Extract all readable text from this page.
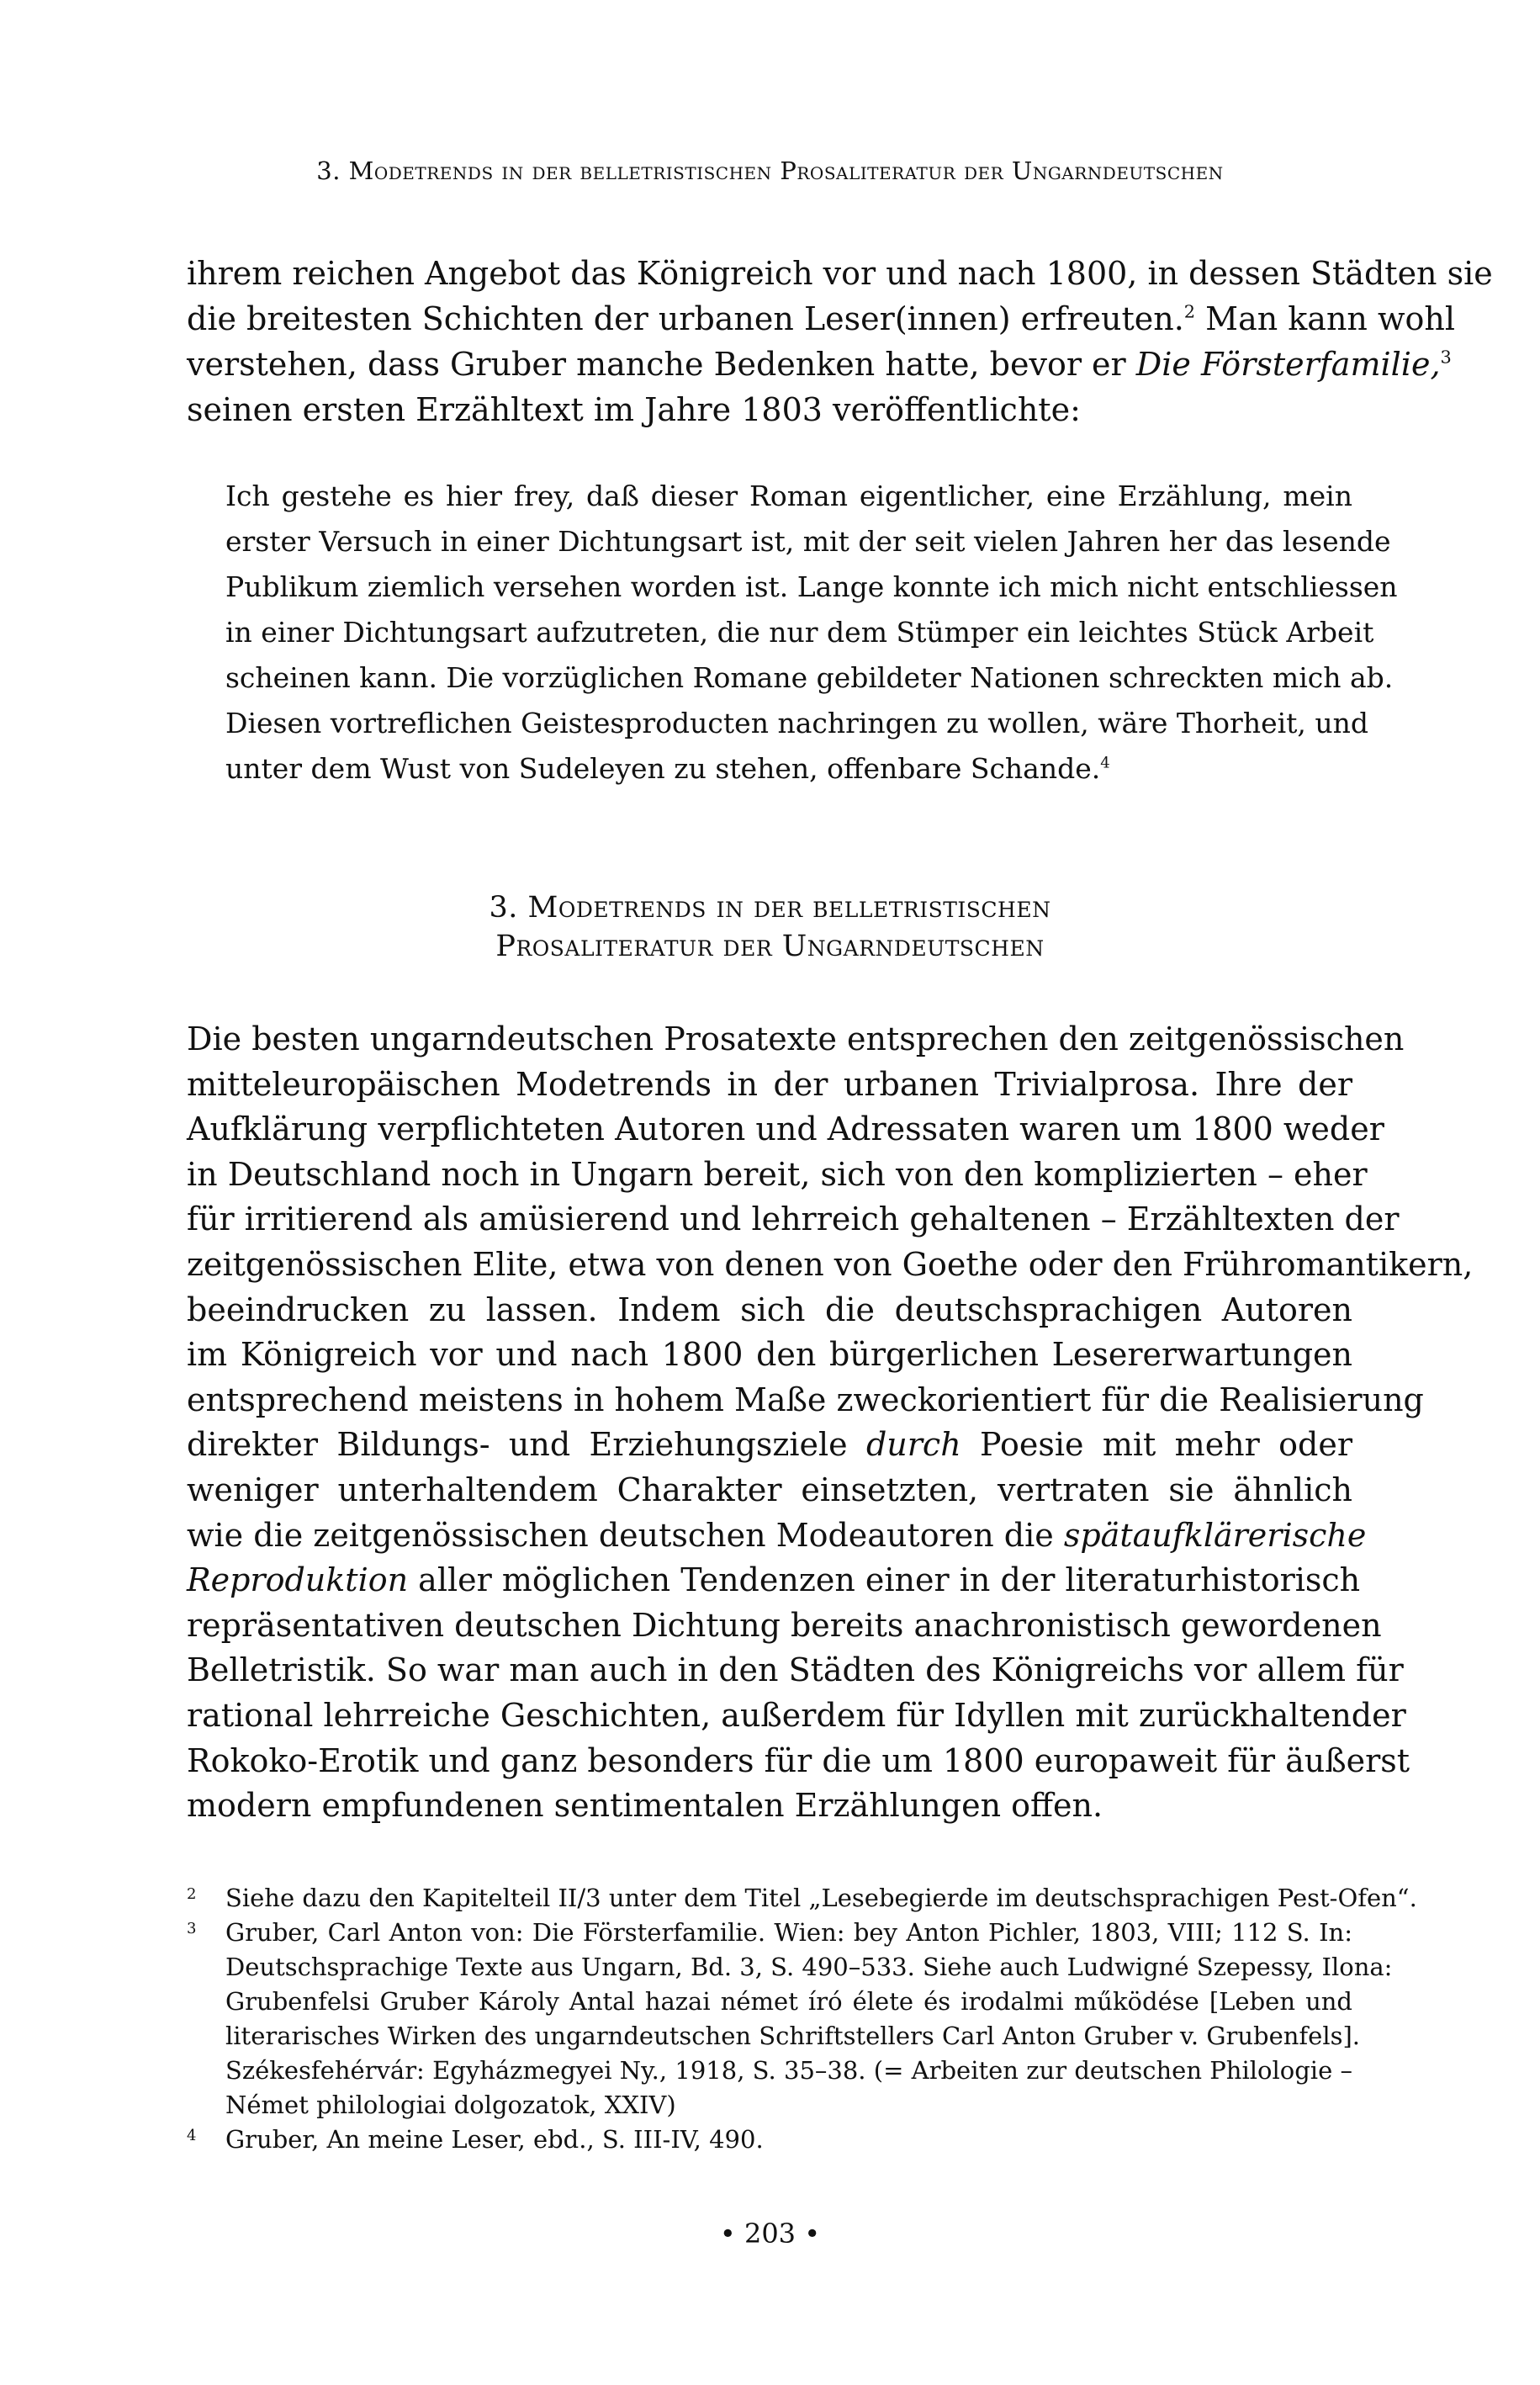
3. Modetrends in der belletristischen Prosaliteratur der Ungarndeutschen
ihrem reichen Angebot das Königreich vor und nach 1800, in dessen Städten sie
die breitesten Schichten der urbanen Leser(innen) erfreuten.$^2$ Man kann wohl
verstehen, dass Gruber manche Bedenken hatte, bevor er Die Försterfamilie,$^3$
seinen ersten Erzähltext im Jahre 1803 veröffentlichte:
Ich gestehe es hier frey, daß dieser Roman eigentlicher, eine Erzählung, mein
erster Versuch in einer Dichtungsart ist, mit der seit vielen Jahren her das lesende
Publikum ziemlich versehen worden ist. Lange konnte ich mich nicht entschliessen
in einer Dichtungsart aufzutreten, die nur dem Stümper ein leichtes Stück Arbeit
scheinen kann. Die vorzüglichen Romane gebildeter Nationen schreckten mich ab.
Diesen vortreflichen Geistesproducten nachringen zu wollen, wäre Thorheit, und
unter dem Wust von Sudeleyen zu stehen, offenbare Schande.$^4$
3. Modetrends in der belletristischen
Prosaliteratur der Ungarndeutschen
Die besten ungarndeutschen Prosatexte entsprechen den zeitgenössischen
mitteleuropäischen Modetrends in der urbanen Trivialprosa. Ihre der
Aufklärung verpflichteten Autoren und Adressaten waren um 1800 weder
in Deutschland noch in Ungarn bereit, sich von den komplizierten – eher
für irritierend als amüsierend und lehrreich gehaltenen – Erzähltexten der
zeitgenössischen Elite, etwa von denen von Goethe oder den Frühromantikern,
beeindrucken zu lassen. Indem sich die deutschsprachigen Autoren
im Königreich vor und nach 1800 den bürgerlichen Lesererwartungen
entsprechend meistens in hohem Maße zweckorientiert für die Realisierung
direkter Bildungs- und Erziehungsziele durch Poesie mit mehr oder
weniger unterhaltendem Charakter einsetzten, vertraten sie ähnlich
wie die zeitgenössischen deutschen Modeautoren die spätaufklärerische
Reproduktion aller möglichen Tendenzen einer in der literaturhistorisch
repräsentativen deutschen Dichtung bereits anachronistisch gewordenen
Belletristik. So war man auch in den Städten des Königreichs vor allem für
rational lehrreiche Geschichten, außerdem für Idyllen mit zurückhaltender
Rokoko-Erotik und ganz besonders für die um 1800 europaweit für äußerst
modern empfundenen sentimentalen Erzählungen offen.
2 Siehe dazu den Kapitelteil II/3 unter dem Titel „Lesebegierde im deutschsprachigen Pest-Ofen“.
3 Gruber, Carl Anton von: Die Försterfamilie. Wien: bey Anton Pichler, 1803, VIII; 112 S. In:
Deutschsprachige Texte aus Ungarn, Bd. 3, S. 490–533. Siehe auch Ludwigné Szepessy, Ilona:
Grubenfelsi Gruber Károly Antal hazai német író élete és irodalmi működése [Leben und
literarisches Wirken des ungarndeutschen Schriftstellers Carl Anton Gruber v. Grubenfels].
Székesfehérvár: Egyházmegyei Ny., 1918, S. 35–38. (= Arbeiten zur deutschen Philologie –
Német philologiai dolgozatok, XXIV)
4 Gruber, An meine Leser, ebd., S. III-IV, 490.
• 203 •
